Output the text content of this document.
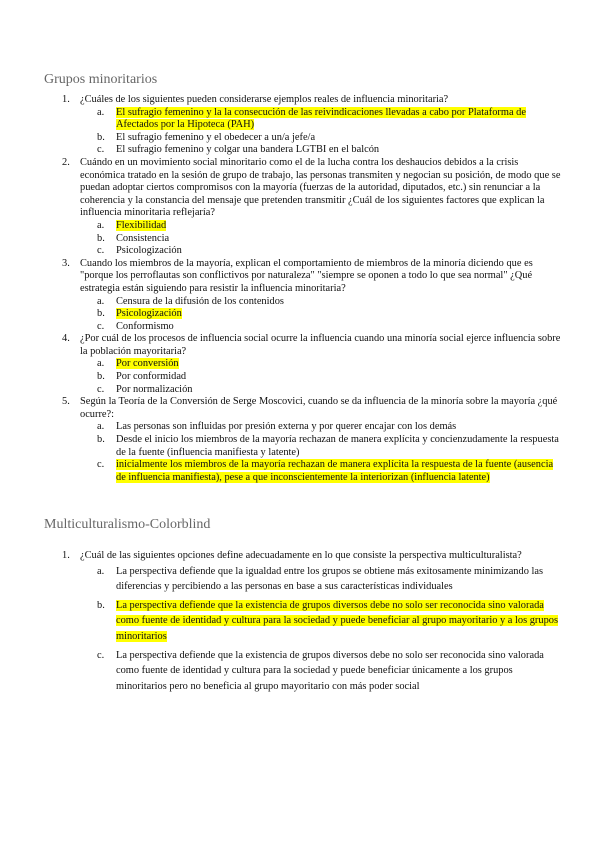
Grupos minoritarios
1. ¿Cuáles de los siguientes pueden considerarse ejemplos reales de influencia minoritaria?
a. El sufragio femenino y la la consecución de las reivindicaciones llevadas a cabo por Plataforma de Afectados por la Hipoteca (PAH)
b. El sufragio femenino y el obedecer a un/a jefe/a
c. El sufragio femenino y colgar una bandera LGTBI en el balcón
2. Cuándo en un movimiento social minoritario como el de la lucha contra los deshaucios debidos a la crisis económica tratado en la sesión de grupo de trabajo, las personas transmiten y negocian su posición, de modo que se puedan adoptar ciertos compromisos con la mayoría (fuerzas de la autoridad, diputados, etc.) sin renunciar a la coherencia y la constancia del mensaje que pretenden transmitir ¿Cuál de los siguientes factores que explican la influencia minoritaria reflejaría?
a. Flexibilidad
b. Consistencia
c. Psicologización
3. Cuando los miembros de la mayoría, explican el comportamiento de miembros de la minoría diciendo que es "porque los perroflautas son conflictivos por naturaleza" "siempre se oponen a todo lo que sea normal" ¿Qué estrategia están siguiendo para resistir la influencia minoritaria?
a. Censura de la difusión de los contenidos
b. Psicologización
c. Conformismo
4. ¿Por cuál de los procesos de influencia social ocurre la influencia cuando una minoría social ejerce influencia sobre la población mayoritaria?
a. Por conversión
b. Por conformidad
c. Por normalización
5. Según la Teoría de la Conversión de Serge Moscovici, cuando se da influencia de la minoría sobre la mayoría ¿qué ocurre?:
a. Las personas son influidas por presión externa y por querer encajar con los demás
b. Desde el inicio los miembros de la mayoría rechazan de manera explícita y concienzudamente la respuesta de la fuente (influencia manifiesta y latente)
c. inicialmente los miembros de la mayoría rechazan de manera explícita la respuesta de la fuente (ausencia de influencia manifiesta), pese a que inconscientemente la interiorizan (influencia latente)
Multiculturalismo-Colorblind
1. ¿Cuál de las siguientes opciones define adecuadamente en lo que consiste la perspectiva multiculturalista?
a. La perspectiva defiende que la igualdad entre los grupos se obtiene más exitosamente minimizando las diferencias y percibiendo a las personas en base a sus características individuales
b. La perspectiva defiende que la existencia de grupos diversos debe no solo ser reconocida sino valorada como fuente de identidad y cultura para la sociedad y puede beneficiar al grupo mayoritario y a los grupos minoritarios
c. La perspectiva defiende que la existencia de grupos diversos debe no solo ser reconocida sino valorada como fuente de identidad y cultura para la sociedad y puede beneficiar únicamente a los grupos minoritarios pero no beneficia al grupo mayoritario con más poder social
